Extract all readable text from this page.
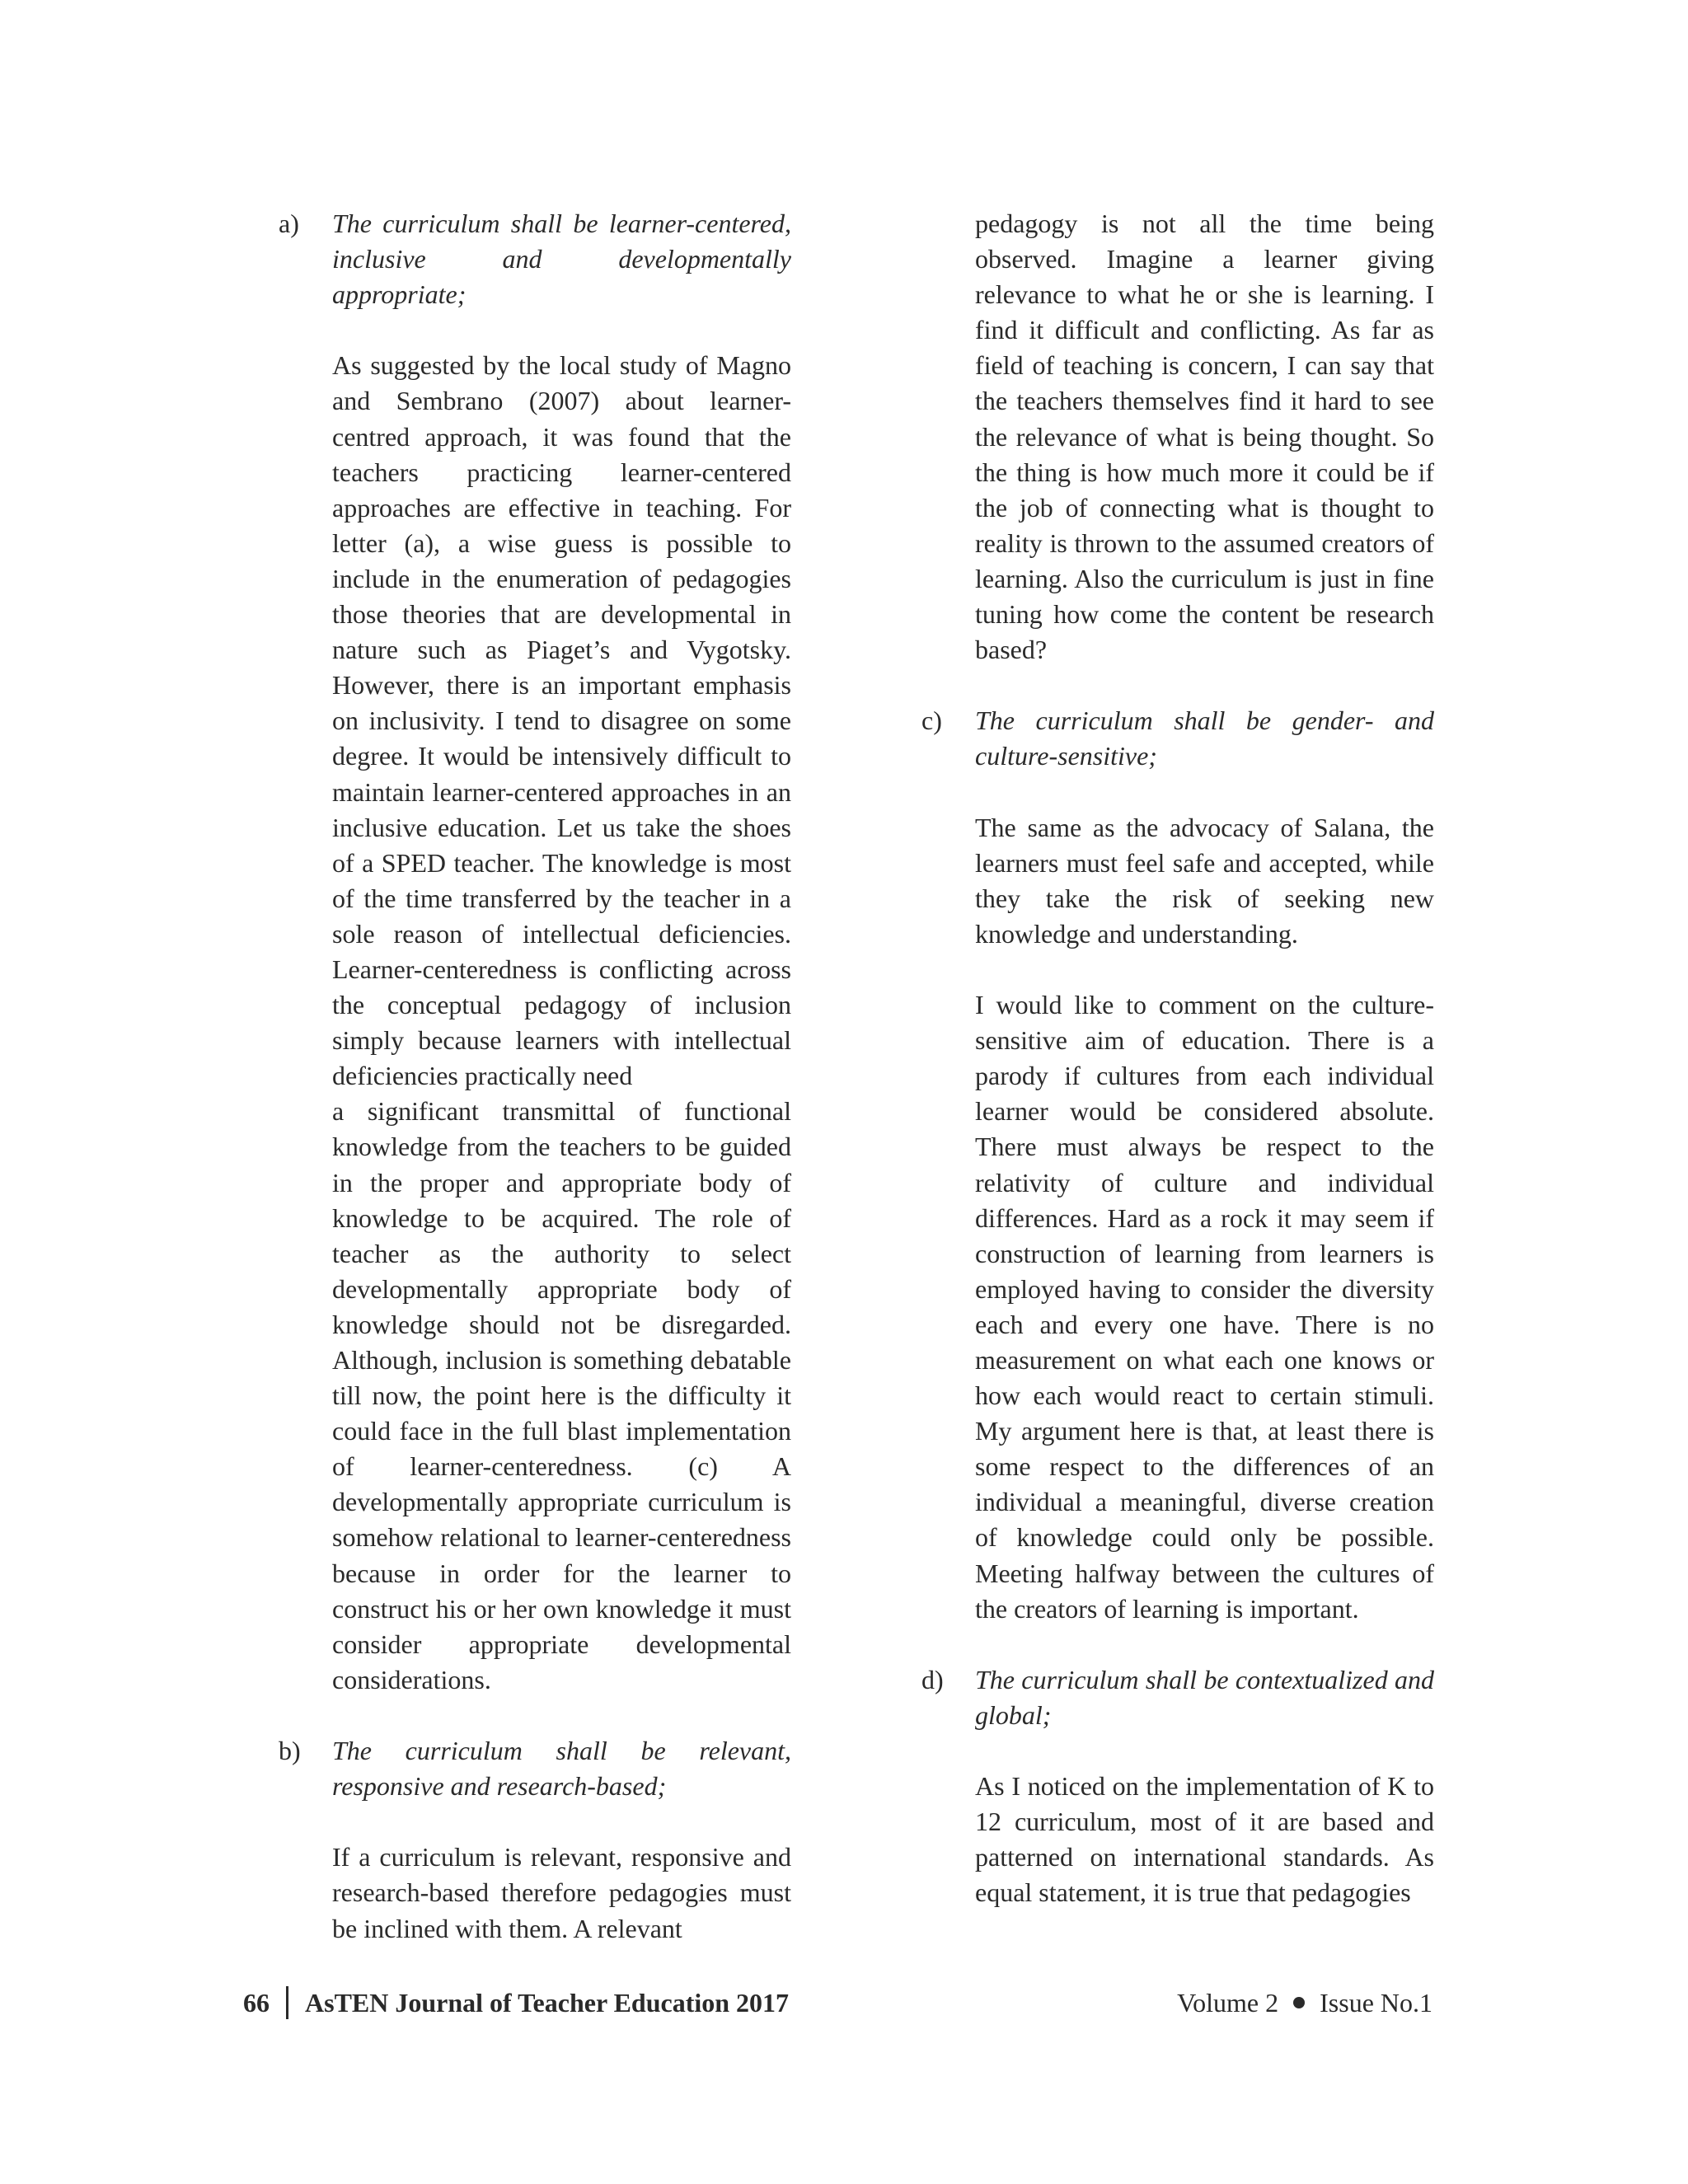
a) The curriculum shall be learner-centered, inclusive and developmentally appropriate;
As suggested by the local study of Magno and Sembrano (2007) about learner-centred approach, it was found that the teachers practicing learner-centered approaches are effective in teaching. For letter (a), a wise guess is possible to include in the enumeration of pedagogies those theories that are developmental in nature such as Piaget’s and Vygotsky. However, there is an important emphasis on inclusivity. I tend to disagree on some degree. It would be intensively difficult to maintain learner-centered approaches in an inclusive education. Let us take the shoes of a SPED teacher. The knowledge is most of the time transferred by the teacher in a sole reason of intellectual deficiencies. Learner-centeredness is conflicting across the conceptual pedagogy of inclusion simply because learners with intellectual deficiencies practically need
a significant transmittal of functional knowledge from the teachers to be guided in the proper and appropriate body of knowledge to be acquired. The role of teacher as the authority to select developmentally appropriate body of knowledge should not be disregarded. Although, inclusion is something debatable till now, the point here is the difficulty it could face in the full blast implementation of learner-centeredness. (c) A developmentally appropriate curriculum is somehow relational to learner-centeredness because in order for the learner to construct his or her own knowledge it must consider appropriate developmental considerations.
b) The curriculum shall be relevant, responsive and research-based;
If a curriculum is relevant, responsive and research-based therefore pedagogies must be inclined with them. A relevant
pedagogy is not all the time being observed. Imagine a learner giving relevance to what he or she is learning. I find it difficult and conflicting. As far as field of teaching is concern, I can say that the teachers themselves find it hard to see the relevance of what is being thought. So the thing is how much more it could be if the job of connecting what is thought to reality is thrown to the assumed creators of learning. Also the curriculum is just in fine tuning how come the content be research based?
c) The curriculum shall be gender- and culture-sensitive;
The same as the advocacy of Salana, the learners must feel safe and accepted, while they take the risk of seeking new knowledge and understanding.
I would like to comment on the culture-sensitive aim of education. There is a parody if cultures from each individual learner would be considered absolute. There must always be respect to the relativity of culture and individual differences. Hard as a rock it may seem if construction of learning from learners is employed having to consider the diversity each and every one have. There is no measurement on what each one knows or how each would react to certain stimuli. My argument here is that, at least there is some respect to the differences of an individual a meaningful, diverse creation of knowledge could only be possible. Meeting halfway between the cultures of the creators of learning is important.
d) The curriculum shall be contextualized and global;
As I noticed on the implementation of K to 12 curriculum, most of it are based and patterned on international standards. As equal statement, it is true that pedagogies
66 AsTEN Journal of Teacher Education 2017	Volume 2 Issue No.1
